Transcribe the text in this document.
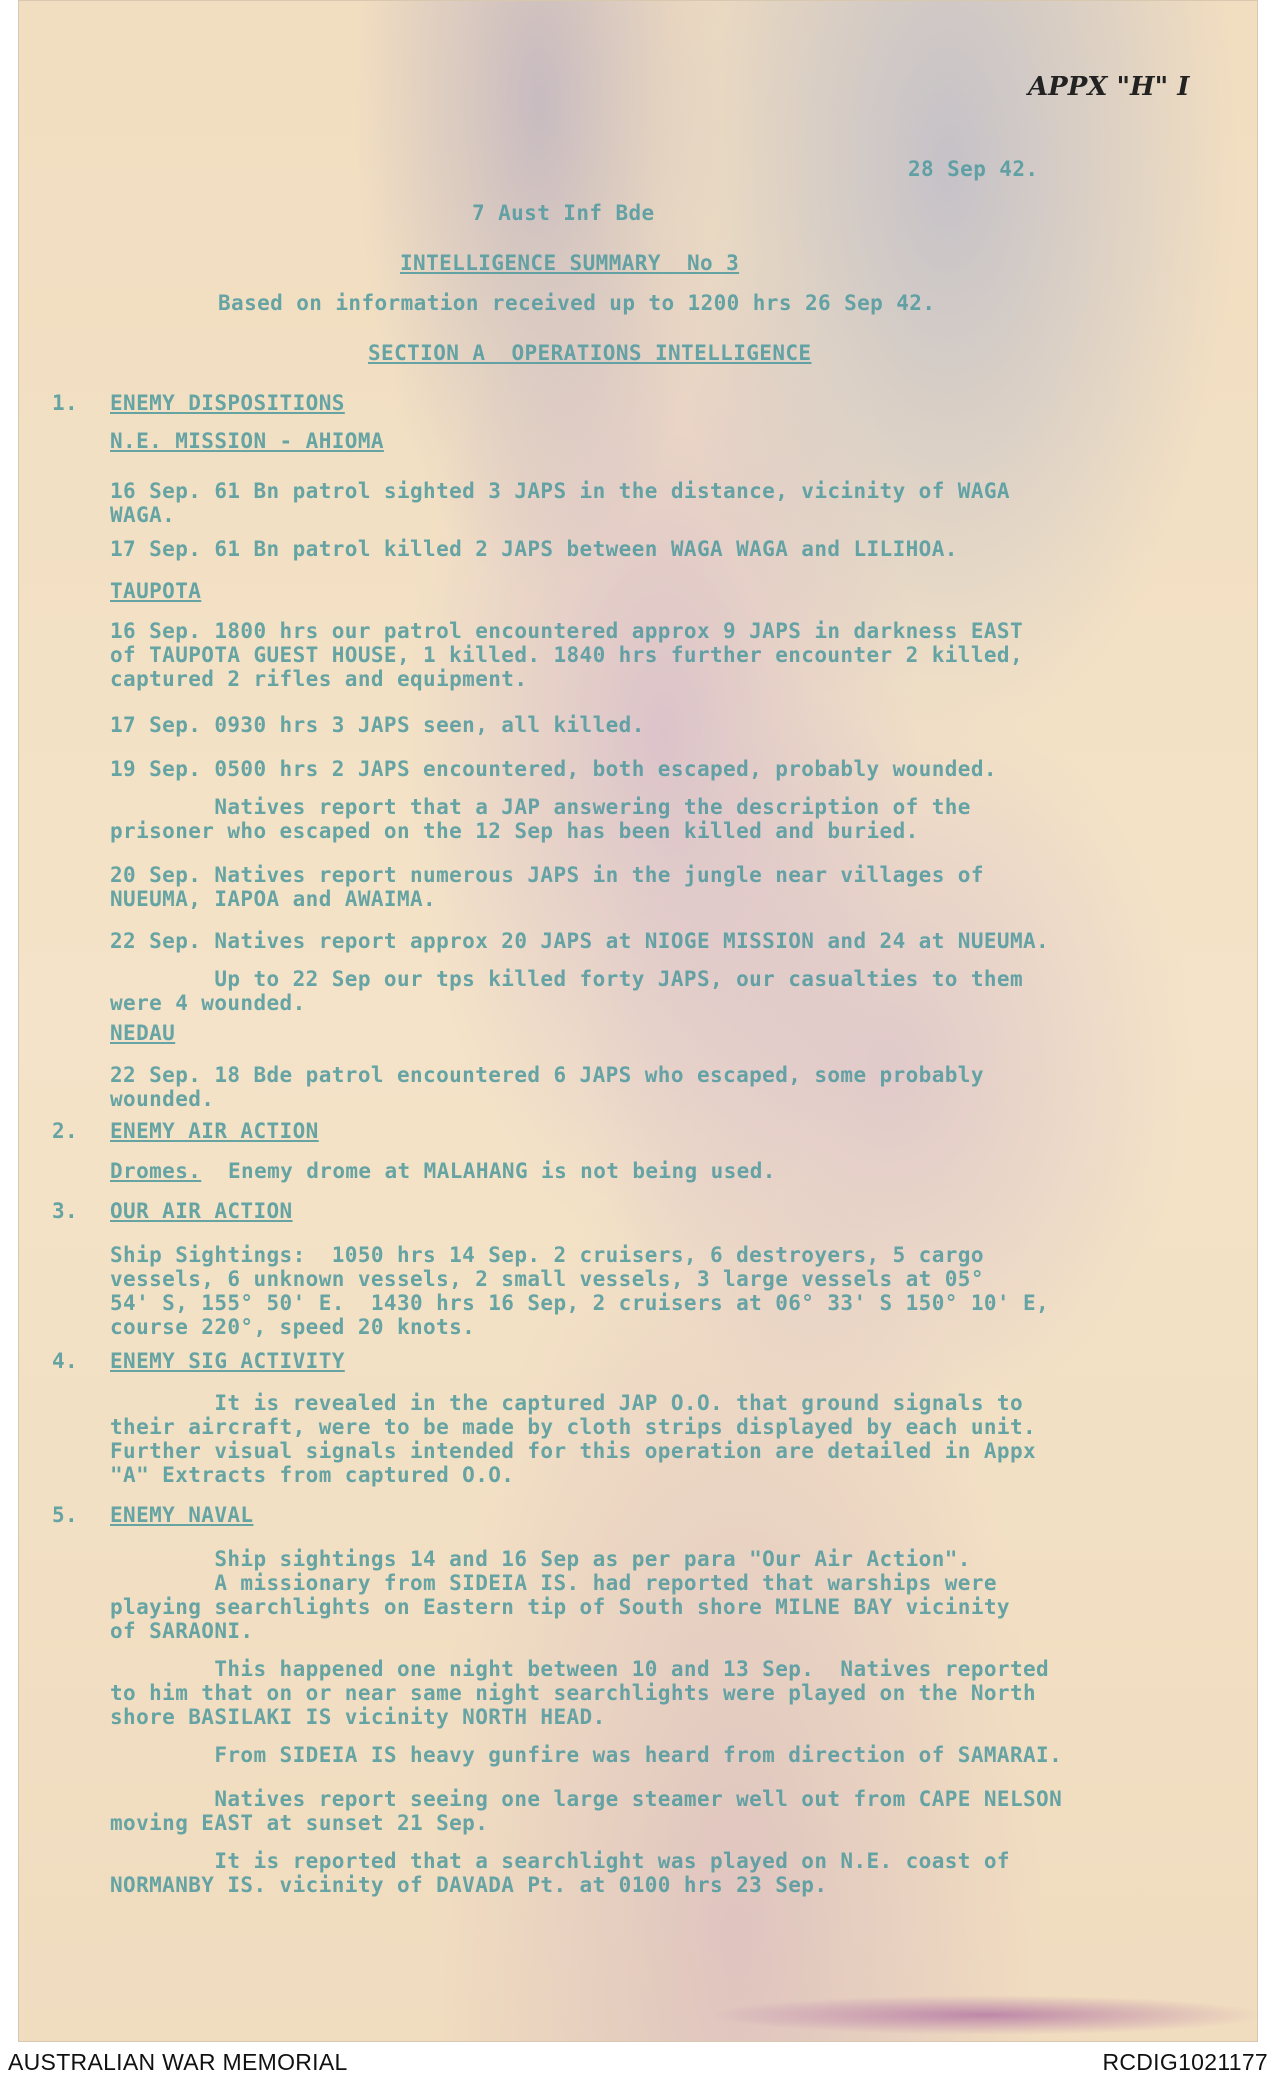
APPX "H" I
28 Sep 42.
7 Aust Inf Bde
INTELLIGENCE SUMMARY  No 3
Based on information received up to 1200 hrs 26 Sep 42.
SECTION A  OPERATIONS INTELLIGENCE
1. ENEMY DISPOSITIONS
N.E. MISSION - AHIOMA
16 Sep. 61 Bn patrol sighted 3 JAPS in the distance, vicinity of WAGA
WAGA.
17 Sep. 61 Bn patrol killed 2 JAPS between WAGA WAGA and LILIHOA.
TAUPOTA
16 Sep. 1800 hrs our patrol encountered approx 9 JAPS in darkness EAST
of TAUPOTA GUEST HOUSE, 1 killed. 1840 hrs further encounter 2 killed,
captured 2 rifles and equipment.
17 Sep. 0930 hrs 3 JAPS seen, all killed.
19 Sep. 0500 hrs 2 JAPS encountered, both escaped, probably wounded.
Natives report that a JAP answering the description of the
prisoner who escaped on the 12 Sep has been killed and buried.
20 Sep. Natives report numerous JAPS in the jungle near villages of
NUEUMA, IAPOA and AWAIMA.
22 Sep. Natives report approx 20 JAPS at NIOGE MISSION and 24 at NUEUMA.
Up to 22 Sep our tps killed forty JAPS, our casualties to them
were 4 wounded.
NEDAU
22 Sep. 18 Bde patrol encountered 6 JAPS who escaped, some probably
wounded.
2. ENEMY AIR ACTION
Dromes. Enemy drome at MALAHANG is not being used.
3. OUR AIR ACTION
Ship Sightings:  1050 hrs 14 Sep. 2 cruisers, 6 destroyers, 5 cargo
vessels, 6 unknown vessels, 2 small vessels, 3 large vessels at 05°
54' S, 155° 50' E.  1430 hrs 16 Sep, 2 cruisers at 06° 33' S 150° 10' E,
course 220°, speed 20 knots.
4. ENEMY SIG ACTIVITY
It is revealed in the captured JAP O.O. that ground signals to
their aircraft, were to be made by cloth strips displayed by each unit.
Further visual signals intended for this operation are detailed in Appx
"A" Extracts from captured O.O.
5. ENEMY NAVAL
Ship sightings 14 and 16 Sep as per para "Our Air Action".
A missionary from SIDEIA IS. had reported that warships were
playing searchlights on Eastern tip of South shore MILNE BAY vicinity
of SARAONI.
This happened one night between 10 and 13 Sep.  Natives reported
to him that on or near same night searchlights were played on the North
shore BASILAKI IS vicinity NORTH HEAD.
From SIDEIA IS heavy gunfire was heard from direction of SAMARAI.
Natives report seeing one large steamer well out from CAPE NELSON
moving EAST at sunset 21 Sep.
It is reported that a searchlight was played on N.E. coast of
NORMANBY IS. vicinity of DAVADA Pt. at 0100 hrs 23 Sep.
AUSTRALIAN WAR MEMORIAL	RCDIG1021177
